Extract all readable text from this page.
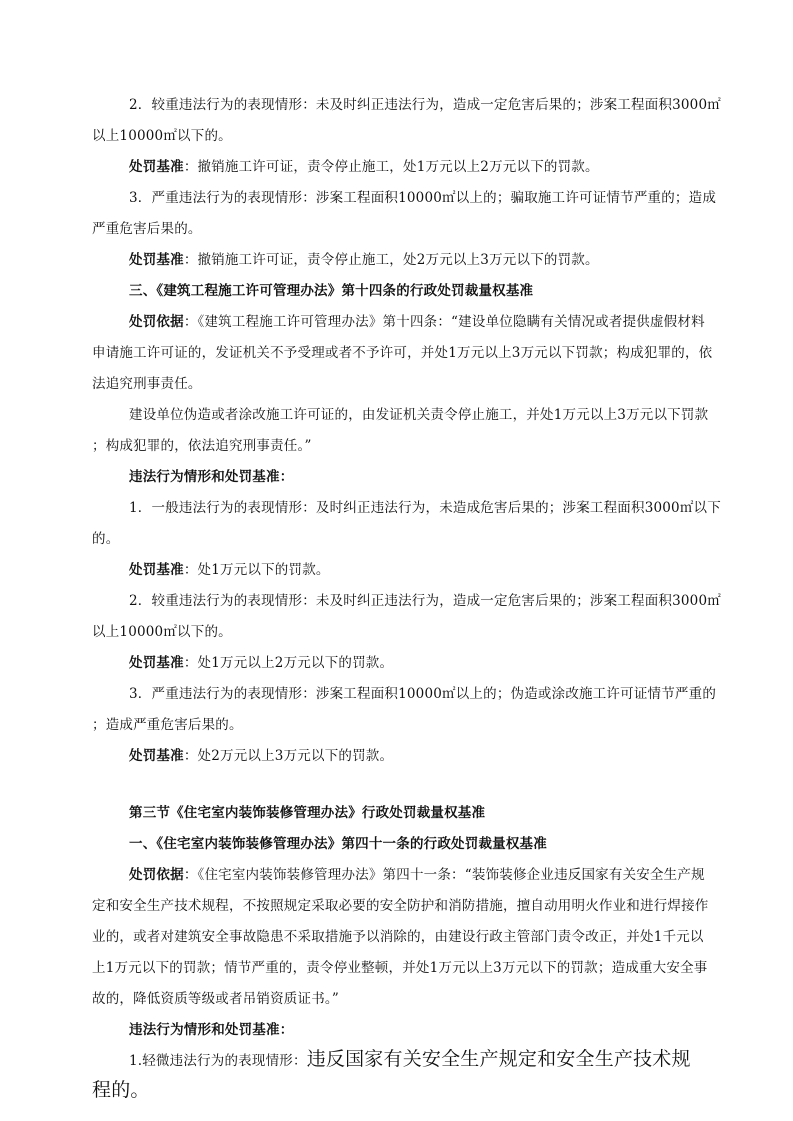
2．较重违法行为的表现情形：未及时纠正违法行为，造成一定危害后果的；涉案工程面积3000㎡

以上10000㎡以下的。

处罚基准：撤销施工许可证，责令停止施工，处1万元以上2万元以下的罚款。

3．严重违法行为的表现情形：涉案工程面积10000㎡以上的；骗取施工许可证情节严重的；造成

严重危害后果的。

处罚基准：撤销施工许可证，责令停止施工，处2万元以上3万元以下的罚款。

三、《建筑工程施工许可管理办法》第十四条的行政处罚裁量权基准

处罚依据：《建筑工程施工许可管理办法》第十四条：“建设单位隐瞒有关情况或者提供虚假材料

申请施工许可证的，发证机关不予受理或者不予许可，并处1万元以上3万元以下罚款；构成犯罪的，依

法追究刑事责任。

建设单位伪造或者涂改施工许可证的，由发证机关责令停止施工，并处1万元以上3万元以下罚款

；构成犯罪的，依法追究刑事责任。”

违法行为情形和处罚基准：

1．一般违法行为的表现情形：及时纠正违法行为，未造成危害后果的；涉案工程面积3000㎡以下

的。

处罚基准：处1万元以下的罚款。

2．较重违法行为的表现情形：未及时纠正违法行为，造成一定危害后果的；涉案工程面积3000㎡

以上10000㎡以下的。

处罚基准：处1万元以上2万元以下的罚款。

3．严重违法行为的表现情形：涉案工程面积10000㎡以上的；伪造或涂改施工许可证情节严重的

；造成严重危害后果的。

处罚基准：处2万元以上3万元以下的罚款。

第三节《住宅室内装饰装修管理办法》行政处罚裁量权基准

一、《住宅室内装饰装修管理办法》第四十一条的行政处罚裁量权基准

处罚依据：《住宅室内装饰装修管理办法》第四十一条：“装饰装修企业违反国家有关安全生产规

定和安全生产技术规程，不按照规定采取必要的安全防护和消防措施，擅自动用明火作业和进行焊接作

业的，或者对建筑安全事故隐患不采取措施予以消除的，由建设行政主管部门责令改正，并处1千元以

上1万元以下的罚款；情节严重的，责令停业整顿，并处1万元以上3万元以下的罚款；造成重大安全事

故的，降低资质等级或者吊销资质证书。”

违法行为情形和处罚基准：

1.轻微违法行为的表现情形：违反国家有关安全生产规定和安全生产技术规

程的。
